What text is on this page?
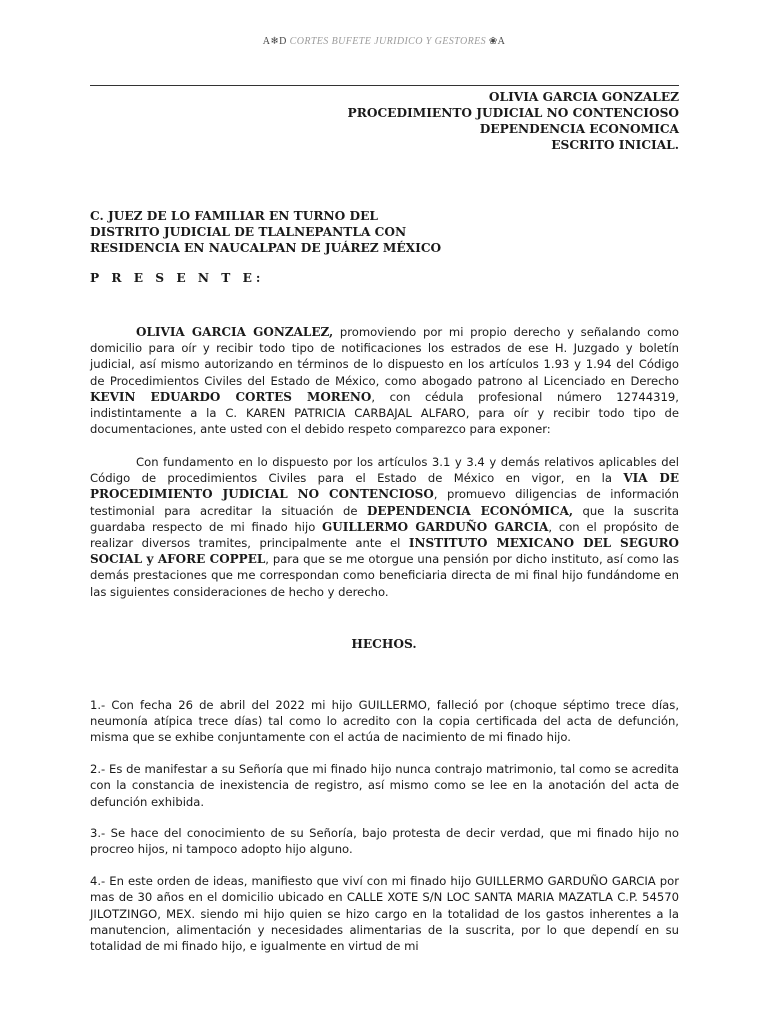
A❄D CORTES BUFETE JURIDICO Y GESTORES ❀A
OLIVIA GARCIA GONZALEZ
PROCEDIMIENTO JUDICIAL NO CONTENCIOSO
DEPENDENCIA ECONOMICA
ESCRITO INICIAL.
C. JUEZ DE LO FAMILIAR EN TURNO DEL
DISTRITO JUDICIAL DE TLALNEPANTLA CON
RESIDENCIA EN NAUCALPAN DE JUÁREZ MÉXICO
P R E S E N T E:

OLIVIA GARCIA GONZALEZ, promoviendo por mi propio derecho y señalando como domicilio para oír y recibir todo tipo de notificaciones los estrados de ese H. Juzgado y boletín judicial, así mismo autorizando en términos de lo dispuesto en los artículos 1.93 y 1.94 del Código de Procedimientos Civiles del Estado de México, como abogado patrono al Licenciado en Derecho KEVIN EDUARDO CORTES MORENO, con cédula profesional número 12744319, indistintamente a la C. KAREN PATRICIA CARBAJAL ALFARO, para oír y recibir todo tipo de documentaciones, ante usted con el debido respeto comparezco para exponer:

Con fundamento en lo dispuesto por los artículos 3.1 y 3.4 y demás relativos aplicables del Código de procedimientos Civiles para el Estado de México en vigor, en la VIA DE PROCEDIMIENTO JUDICIAL NO CONTENCIOSO, promuevo diligencias de información testimonial para acreditar la situación de DEPENDENCIA ECONÓMICA, que la suscrita guardaba respecto de mi finado hijo GUILLERMO GARDUÑO GARCIA, con el propósito de realizar diversos tramites, principalmente ante el INSTITUTO MEXICANO DEL SEGURO SOCIAL y AFORE COPPEL, para que se me otorgue una pensión por dicho instituto, así como las demás prestaciones que me correspondan como beneficiaria directa de mi final hijo fundándome en las siguientes consideraciones de hecho y derecho.

HECHOS.

1.- Con fecha 26 de abril del 2022 mi hijo GUILLERMO, falleció por (choque séptimo trece días, neumonía atípica trece días) tal como lo acredito con la copia certificada del acta de defunción, misma que se exhibe conjuntamente con el actúa de nacimiento de mi finado hijo.

2.- Es de manifestar a su Señoría que mi finado hijo nunca contrajo matrimonio, tal como se acredita con la constancia de inexistencia de registro, así mismo como se lee en la anotación del acta de defunción exhibida.

3.- Se hace del conocimiento de su Señoría, bajo protesta de decir verdad, que mi finado hijo no procreo hijos, ni tampoco adopto hijo alguno.

4.- En este orden de ideas, manifiesto que viví con mi finado hijo GUILLERMO GARDUÑO GARCIA por mas de 30 años en el domicilio ubicado en CALLE XOTE S/N LOC SANTA MARIA MAZATLA C.P. 54570 JILOTZINGO, MEX. siendo mi hijo quien se hizo cargo en la totalidad de los gastos inherentes a la manutencion, alimentación y necesidades alimentarias de la suscrita, por lo que dependí en su totalidad de mi finado hijo, e igualmente en virtud de mi
